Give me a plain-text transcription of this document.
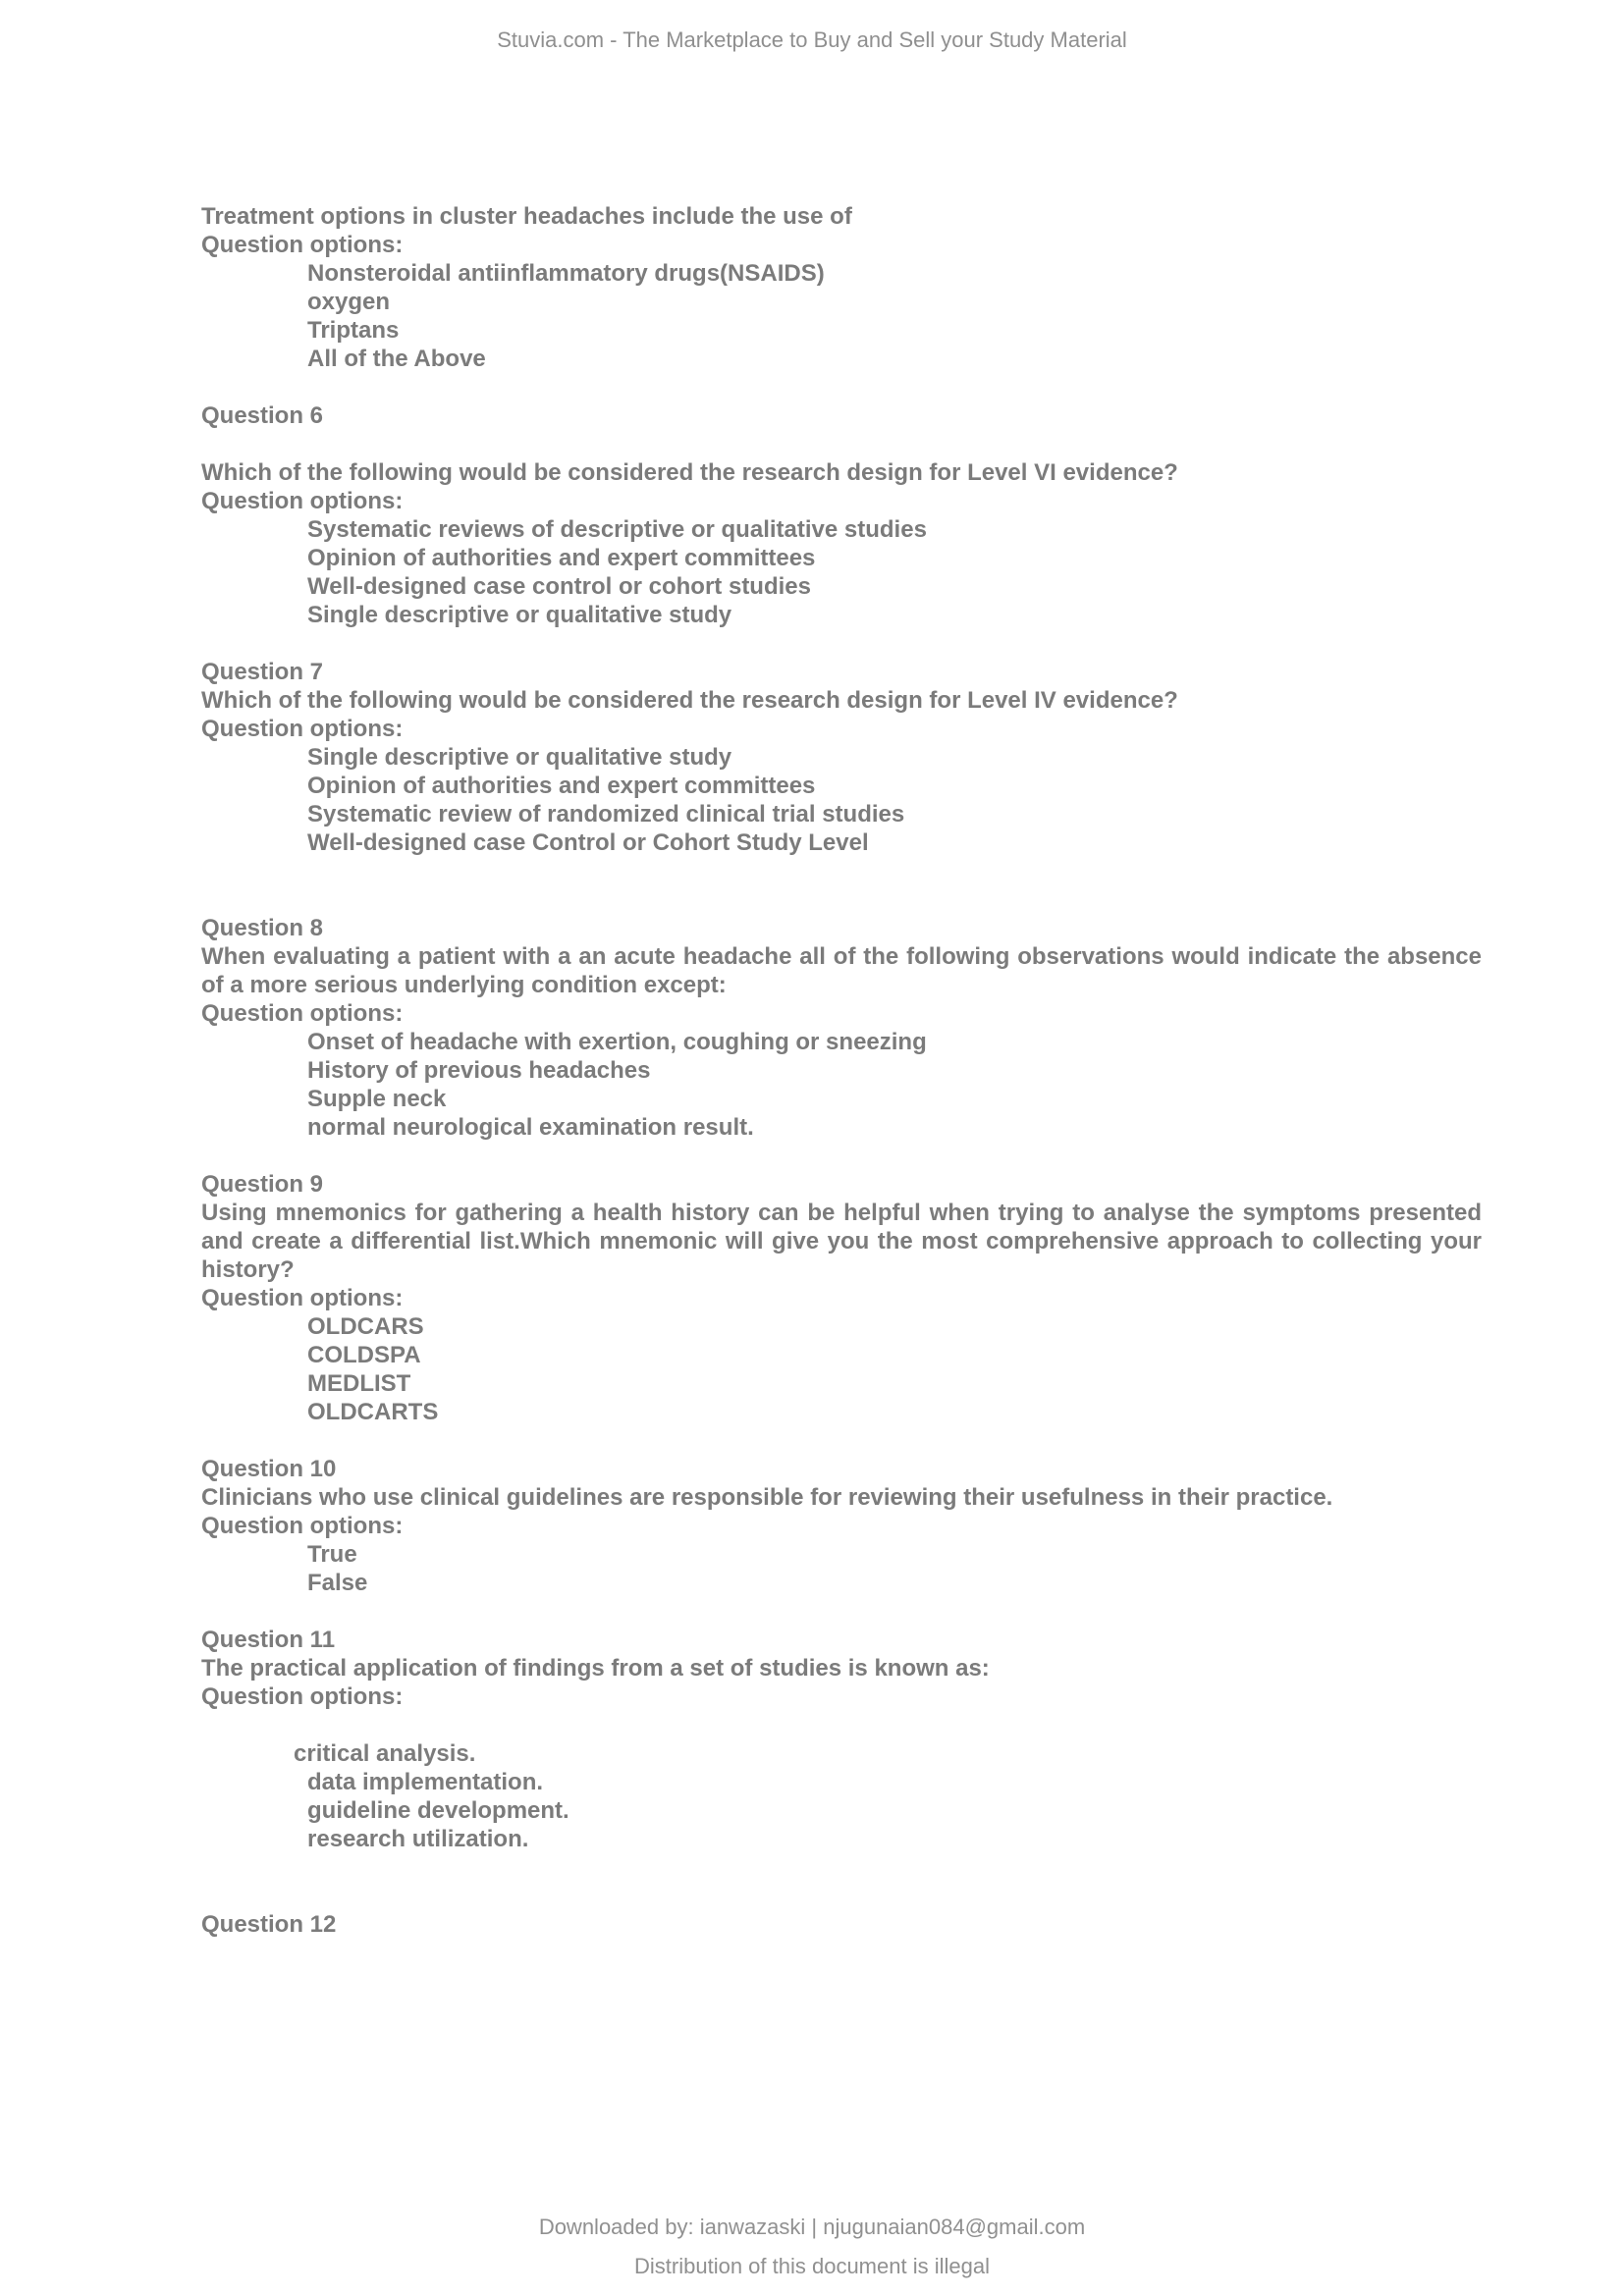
Stuvia.com - The Marketplace to Buy and Sell your Study Material
Treatment options in cluster headaches include the use of
Question options:
Nonsteroidal antiinflammatory drugs(NSAIDS)
oxygen
Triptans
All of the Above
Question 6
Which of the following would be considered the research design for Level VI evidence?
Question options:
Systematic reviews of descriptive or qualitative studies
Opinion of authorities and expert committees
Well-designed case control or cohort studies
Single descriptive or qualitative study
Question 7
Which of the following would be considered the research design for Level IV evidence?
Question options:
Single descriptive or qualitative study
Opinion of authorities and expert committees
Systematic review of randomized clinical trial studies
Well-designed case Control or Cohort Study Level
Question 8
When evaluating a patient with a an acute headache all of the following observations would indicate the absence of a more serious underlying condition except:
Question options:
Onset of headache with exertion, coughing or sneezing
History of previous headaches
Supple neck
normal neurological examination result.
Question 9
Using mnemonics for gathering a health history can be helpful when trying to analyse the symptoms presented and create a differential list.Which mnemonic will give you the most comprehensive approach to collecting your history?
Question options:
OLDCARS
COLDSPA
MEDLIST
OLDCARTS
Question 10
Clinicians who use clinical guidelines are responsible for reviewing their usefulness in their practice.
Question options:
True
False
Question 11
The practical application of findings from a set of studies is known as:
Question options:
critical analysis.
data implementation.
guideline development.
research utilization.
Question 12
Downloaded by: ianwazaski | njugunaian084@gmail.com
Distribution of this document is illegal
